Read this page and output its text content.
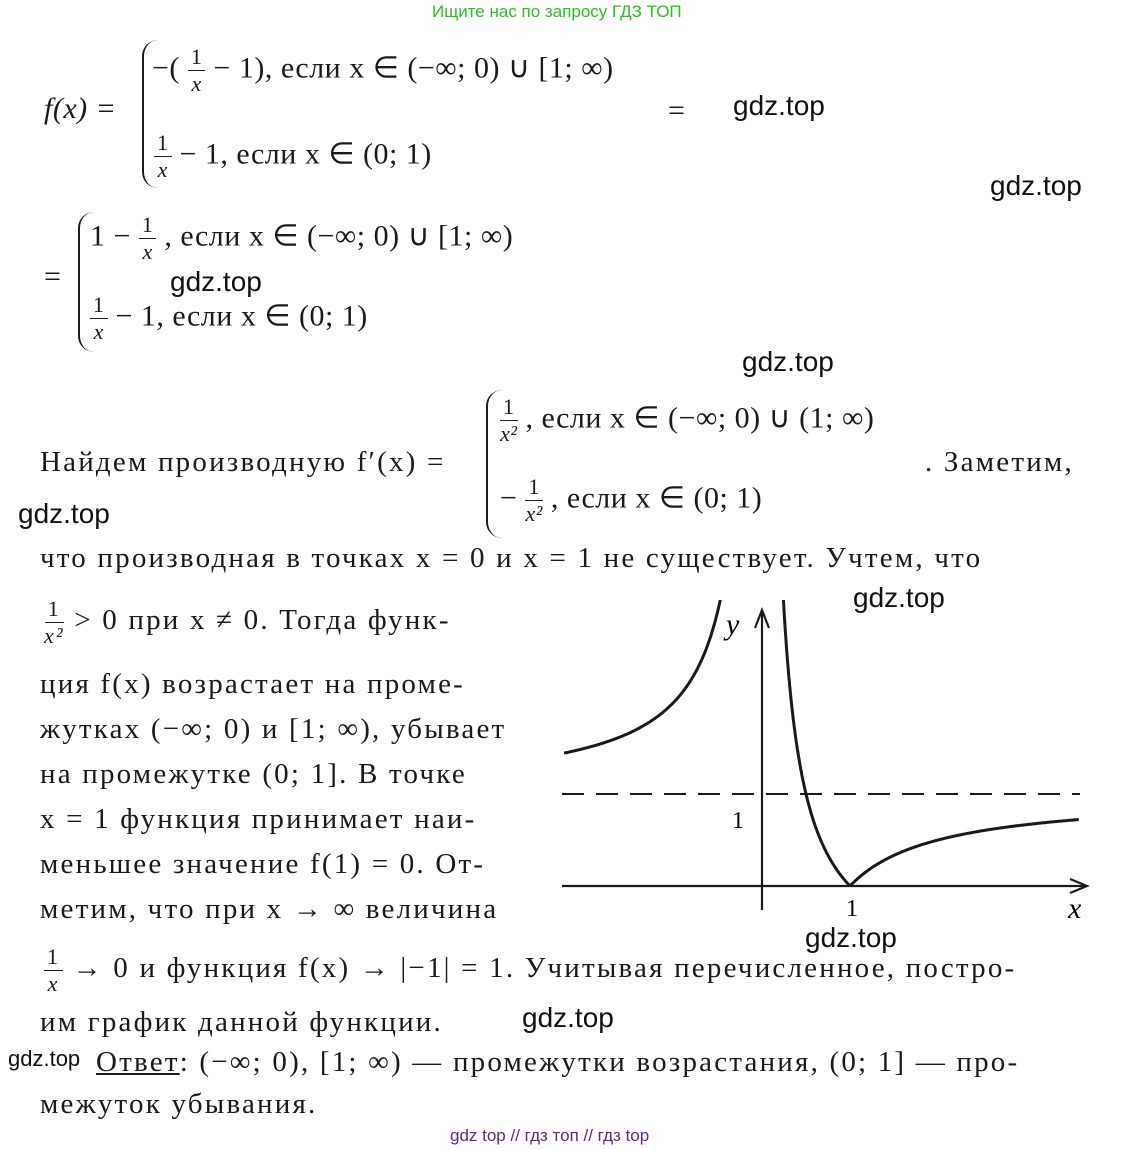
Ищите нас по запросу ГДЗ ТОП
gdz top // гдз топ // гдз top
gdz.top
gdz.top
gdz.top
gdz.top
gdz.top
gdz.top
gdz.top
gdz.top
gdz.top
f(x) =
−( $\frac{1}{x} - 1$), если x ∈ (−∞; 0) ∪ [1; ∞)
$\frac{1}{x} - 1$, если x ∈ (0; 1)
=
=
$1 - \frac{1}{x}$ , если x ∈ (−∞; 0) ∪ [1; ∞)
$\frac{1}{x} - 1$, если x ∈ (0; 1)
Найдем производную f′(x) =
$\frac{1}{\text{x²}}$ , если x ∈ (−∞; 0) ∪ (1; ∞)
− $\frac{1}{\text{x²}}$ , если x ∈ (0; 1)
. Заметим,
что производная в точках x = 0 и x = 1 не существует. Учтем, что
$\frac{1}{\text{x²}} > 0$ при x ≠ 0. Тогда функ-
ция f(x) возрастает на проме-
жутках (−∞; 0) и [1; ∞), убывает
на промежутке (0; 1]. В точке
x = 1 функция принимает наи-
меньшее значение f(1) = 0. От-
метим, что при x → ∞ величина
$\frac{1}{x} \to 0$ и функция f(x) → |−1| = 1. Учитывая перечисленное, постро-
им график данной функции.
Ответ: (−∞; 0), [1; ∞) — промежутки возрастания, (0; 1] — про-
межуток убывания.
y
x
1
1
